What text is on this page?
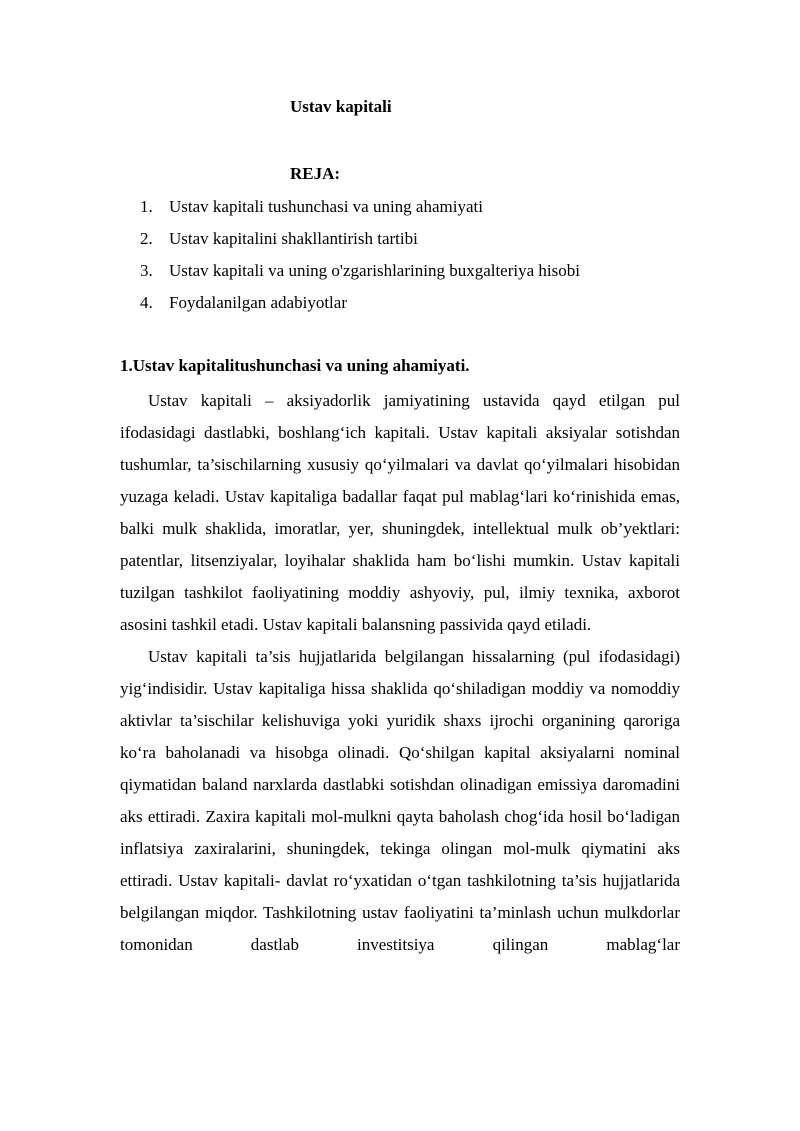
Ustav kapitali
REJA:
1. Ustav kapitali tushunchasi va uning ahamiyati
2. Ustav kapitalini shakllantirish tartibi
3. Ustav kapitali va uning o'zgarishlarining buxgalteriya hisobi
4. Foydalanilgan adabiyotlar
1.Ustav kapitalitushunchasi va uning ahamiyati.

Ustav kapitali – aksiyadorlik jamiyatining ustavida qayd etilgan pul ifodasidagi dastlabki, boshlang‘ich kapitali. Ustav kapitali aksiyalar sotishdan tushumlar, ta’sischilarning xususiy qo‘yilmalari va davlat qo‘yilmalari hisobidan yuzaga keladi. Ustav kapitaliga badallar faqat pul mablag‘lari ko‘rinishida emas, balki mulk shaklida, imoratlar, yer, shuningdek, intellektual mulk ob’yektlari: patentlar, litsenziyalar, loyihalar shaklida ham bo‘lishi mumkin. Ustav kapitali tuzilgan tashkilot faoliyatining moddiy ashyoviy, pul, ilmiy texnika, axborot asosini tashkil etadi. Ustav kapitali balansning passivida qayd etiladi.

Ustav kapitali ta’sis hujjatlarida belgilangan hissalarning (pul ifodasidagi) yig‘indisidir. Ustav kapitaliga hissa shaklida qo‘shiladigan moddiy va nomoddiy aktivlar ta’sischilar kelishuviga yoki yuridik shaxs ijrochi organining qaroriga ko‘ra baholanadi va hisobga olinadi. Qo‘shilgan kapital aksiyalarni nominal qiymatidan baland narxlarda dastlabki sotishdan olinadigan emissiya daromadini aks ettiradi. Zaxira kapitali mol-mulkni qayta baholash chog‘ida hosil bo‘ladigan inflatsiya zaxiralarini, shuningdek, tekinga olingan mol-mulk qiymatini aks ettiradi. Ustav kapitali- davlat ro‘yxatidan o‘tgan tashkilotning ta’sis hujjatlarida belgilangan miqdor. Tashkilotning ustav faoliyatini ta’minlash uchun mulkdorlar tomonidan dastlab investitsiya qilingan mablag‘lar
